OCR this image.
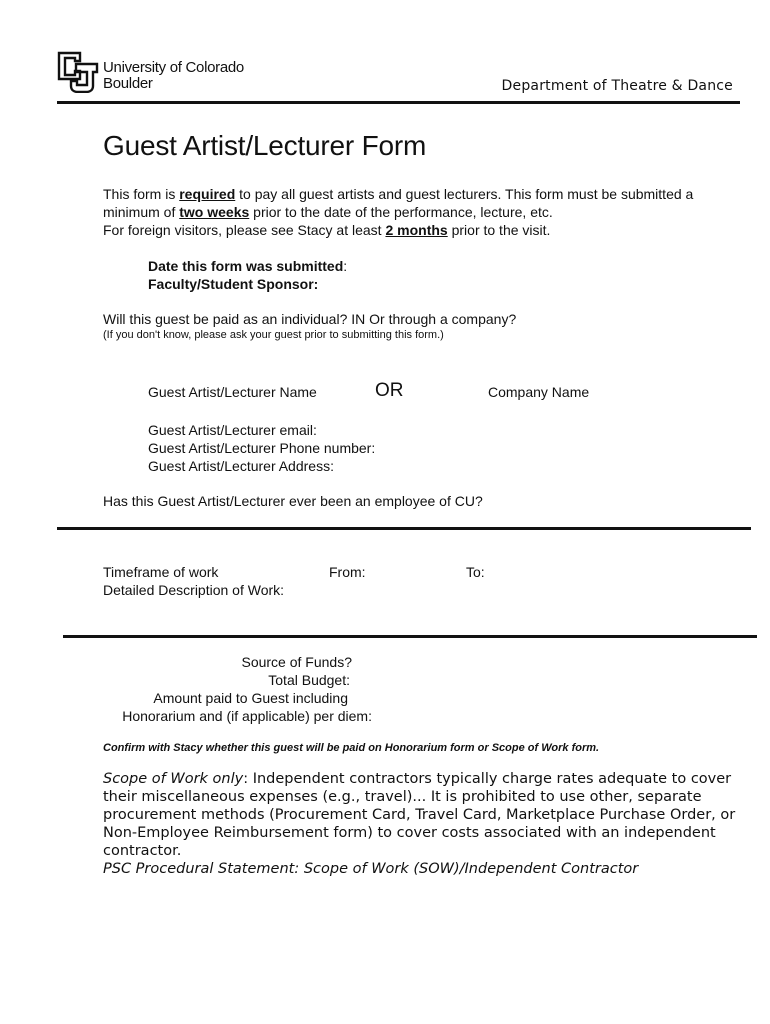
University of Colorado
Boulder	Department of Theatre & Dance
Guest Artist/Lecturer Form
This form is required to pay all guest artists and guest lecturers. This form must be submitted a minimum of two weeks prior to the date of the performance, lecture, etc.
For foreign visitors, please see Stacy at least 2 months prior to the visit.
Date this form was submitted:
Faculty/Student Sponsor:
Will this guest be paid as an individual? IN Or through a company?
(If you don't know, please ask your guest prior to submitting this form.)
Guest Artist/Lecturer Name	OR	Company Name
Guest Artist/Lecturer email:
Guest Artist/Lecturer Phone number:
Guest Artist/Lecturer Address:
Has this Guest Artist/Lecturer ever been an employee of CU?
Timeframe of work	From:	To:
Detailed Description of Work:
Source of Funds?
Total Budget:
Amount paid to Guest including
Honorarium and (if applicable) per diem:
Confirm with Stacy whether this guest will be paid on Honorarium form or Scope of Work form.
Scope of Work only: Independent contractors typically charge rates adequate to cover their miscellaneous expenses (e.g., travel)... It is prohibited to use other, separate procurement methods (Procurement Card, Travel Card, Marketplace Purchase Order, or Non-Employee Reimbursement form) to cover costs associated with an independent contractor.
PSC Procedural Statement: Scope of Work (SOW)/Independent Contractor
